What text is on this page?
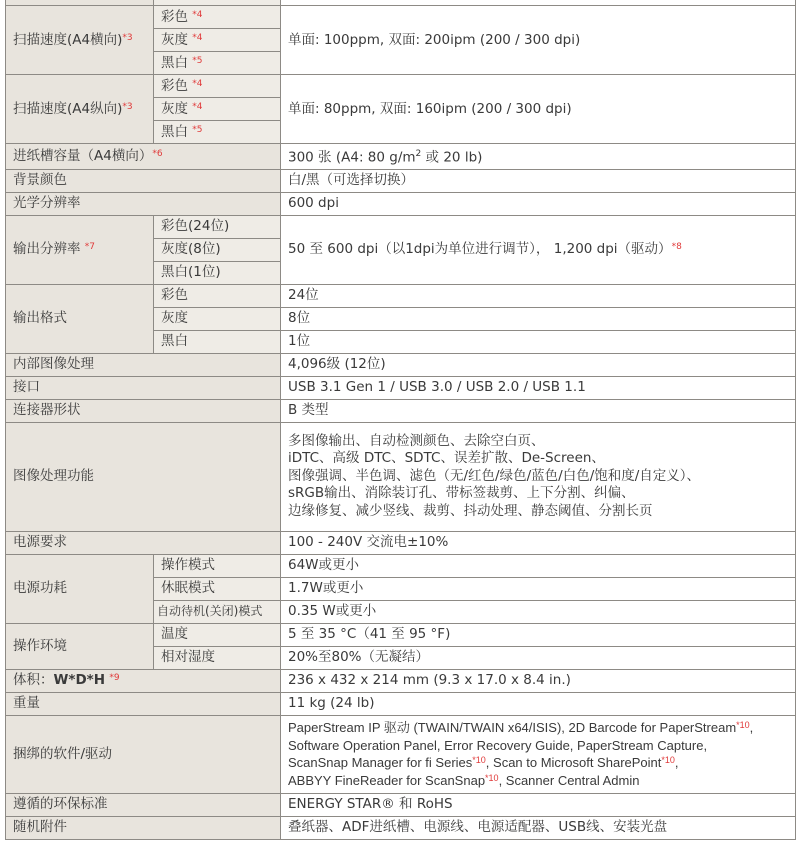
扫描速度(A4横向)$^{*3}$	彩色 $^{*4}$	单面: 100ppm, 双面: 200ipm (200 / 300 dpi)
	灰度 $^{*4}$
	黑白 $^{*5}$
扫描速度(A4纵向)$^{*3}$	彩色 $^{*4}$	单面: 80ppm, 双面: 160ipm (200 / 300 dpi)
	灰度 $^{*4}$
	黑白 $^{*5}$
进纸槽容量（A4横向）$^{*6}$		300 张 (A4: 80 $g/m^2$ 或 20 lb)
背景颜色		白/黑（可选择切换）
光学分辨率		600 dpi
输出分辨率 $^{*7}$	彩色(24位)	50 至 600 dpi（以1dpi为单位进行调节）， 1,200 dpi（驱动）$^{*8}$
	灰度(8位)	
	黑白(1位)	
输出格式	彩色	24位
	灰度	8位
	黑白	1位
内部图像处理		4,096级 (12位)
接口		USB 3.1 Gen 1 / USB 3.0 / USB 2.0 / USB 1.1
连接器形状		B 类型
图像处理功能		多图像输出、自动检测颜色、去除空白页、
iDTC、高级 DTC、SDTC、误差扩散、De-Screen、
图像强调、半色调、滤色（无/红色/绿色/蓝色/白色/饱和度/自定义）、
sRGB输出、消除装订孔、带标签裁剪、上下分割、纠偏、
边缘修复、减少竖线、裁剪、抖动处理、静态阈值、分割长页

电源要求		100 - 240V 交流电±10%
电源功耗	操作模式	64W或更小
	休眠模式	1.7W或更小
	自动待机(关闭)模式	0.35 W或更小
操作环境	温度	5 至 35 °C（41 至 95 °F)
	相对湿度	20%至80%（无凝结）
体积：W*D*H $^{*9}$		236 x 432 x 214 mm (9.3 x 17.0 x 8.4 in.)
重量		11 kg (24 lb)
捆绑的软件/驱动		PaperStream IP 驱动 (TWAIN/TWAIN x64/ISIS), 2D Barcode for PaperStream$^{*10}$,
Software Operation Panel, Error Recovery Guide, PaperStream Capture,
ScanSnap Manager for fi Series$^{*10}$, Scan to Microsoft SharePoint$^{*10}$,
ABBYY FineReader for ScanSnap$^{*10}$, Scanner Central Admin

遵循的环保标准		ENERGY STAR® 和 RoHS
随机附件		叠纸器、ADF进纸槽、电源线、电源适配器、USB线、安装光盘
